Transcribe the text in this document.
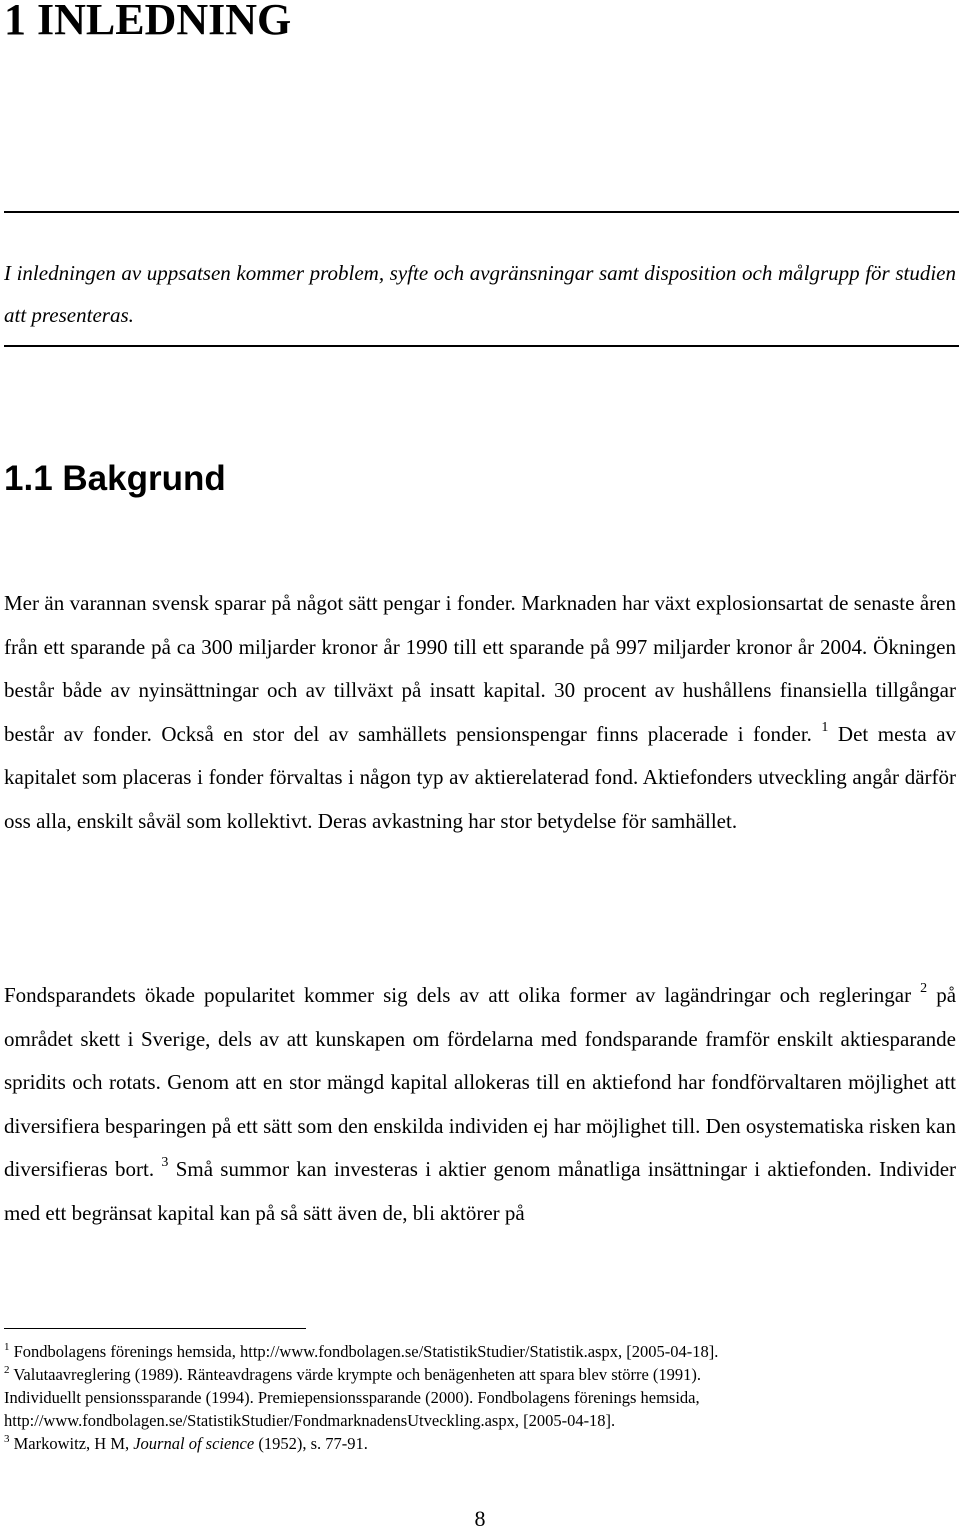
1 INLEDNING
I inledningen av uppsatsen kommer problem, syfte och avgränsningar samt disposition och målgrupp för studien att presenteras.
1.1 Bakgrund
Mer än varannan svensk sparar på något sätt pengar i fonder. Marknaden har växt explosionsartat de senaste åren från ett sparande på ca 300 miljarder kronor år 1990 till ett sparande på 997 miljarder kronor år 2004. Ökningen består både av nyinsättningar och av tillväxt på insatt kapital. 30 procent av hushållens finansiella tillgångar består av fonder. Också en stor del av samhällets pensionspengar finns placerade i fonder. $^1$ Det mesta av kapitalet som placeras i fonder förvaltas i någon typ av aktierelaterad fond. Aktiefonders utveckling angår därför oss alla, enskilt såväl som kollektivt. Deras avkastning har stor betydelse för samhället.
Fondsparandets ökade popularitet kommer sig dels av att olika former av lagändringar och regleringar $^2$ på området skett i Sverige, dels av att kunskapen om fördelarna med fondsparande framför enskilt aktiesparande spridits och rotats. Genom att en stor mängd kapital allokeras till en aktiefond har fondförvaltaren möjlighet att diversifiera besparingen på ett sätt som den enskilda individen ej har möjlighet till. Den osystematiska risken kan diversifieras bort. $^3$ Små summor kan investeras i aktier genom månatliga insättningar i aktiefonden. Individer med ett begränsat kapital kan på så sätt även de, bli aktörer på
$^1$ Fondbolagens förenings hemsida, http://www.fondbolagen.se/StatistikStudier/Statistik.aspx, [2005-04-18].
$^2$ Valutaavreglering (1989). Ränteavdragens värde krympte och benägenheten att spara blev större (1991).
Individuellt pensionssparande (1994). Premiepensionssparande (2000). Fondbolagens förenings hemsida,
http://www.fondbolagen.se/StatistikStudier/FondmarknadensUtveckling.aspx, [2005-04-18].
$^3$ Markowitz, H M, Journal of science (1952), s. 77-91.
8
